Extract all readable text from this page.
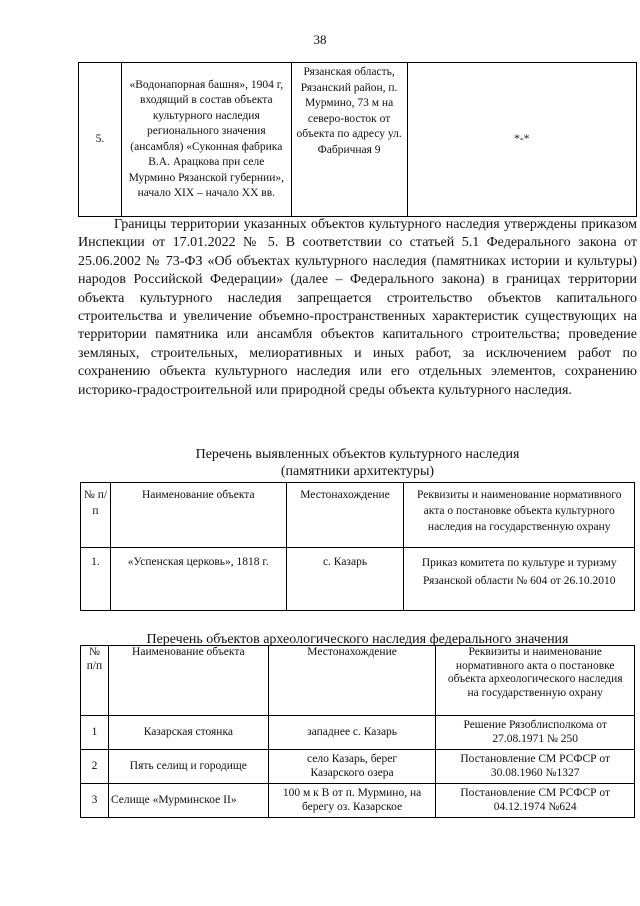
38
5.	«Водонапорная башня», 1904 г, входящий в состав объекта культурного наследия регионального значения (ансамбля) «Суконная фабрика В.А. Арацкова при селе Мурмино Рязанской губернии», начало XIX – начало XX вв.	Рязанская область, Рязанский район, п. Мурмино, 73 м на северо-восток от объекта по адресу ул. Фабричная 9	*-*

Границы территории указанных объектов культурного наследия утверждены приказом Инспекции от 17.01.2022 № 5. В соответствии со статьей 5.1 Федерального закона от 25.06.2002 № 73-ФЗ «Об объектах культурного наследия (памятниках истории и культуры) народов Российской Федерации» (далее – Федерального закона) в границах территории объекта культурного наследия запрещается строительство объектов капитального строительства и увеличение объемно-пространственных характеристик существующих на территории памятника или ансамбля объектов капитального строительства; проведение земляных, строительных, мелиоративных и иных работ, за исключением работ по сохранению объекта культурного наследия или его отдельных элементов, сохранению историко-градостроительной или природной среды объекта культурного наследия.

Перечень выявленных объектов культурного наследия
(памятники архитектуры)
№ п/п	Наименование объекта	Местонахождение	Реквизиты и наименование нормативного акта о постановке объекта культурного наследия на государственную охрану
1.	«Успенская церковь», 1818 г.	с. Казарь	Приказ комитета по культуре и туризму Рязанской области № 604 от 26.10.2010
Перечень объектов археологического наследия федерального значения
№ п/п	Наименование объекта	Местонахождение	Реквизиты и наименование нормативного акта о постановке объекта археологического наследия на государственную охрану
1	Казарская стоянка	западнее с. Казарь	Решение Рязоблисполкома от 27.08.1971 № 250
2	Пять селищ и городище	село Казарь, берег Казарского озера	Постановление СМ РСФСР от 30.08.1960 №1327
3	Селище «Мурминское II»	100 м к В от п. Мурмино, на берегу оз. Казарское	Постановление СМ РСФСР от 04.12.1974 №624
